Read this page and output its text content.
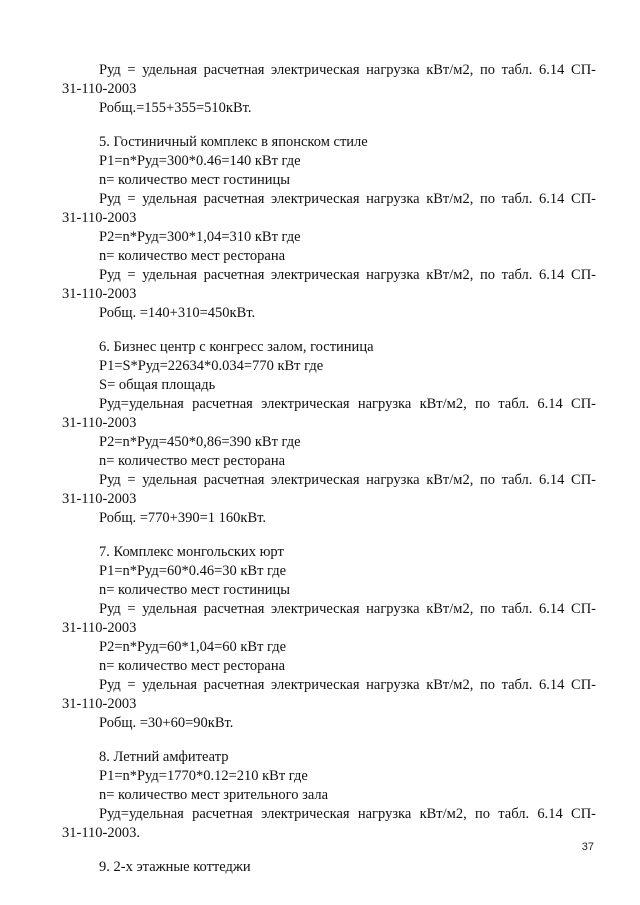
Руд = удельная расчетная электрическая нагрузка кВт/м2, по табл. 6.14 СП-
31-110-2003
Робщ.=155+355=510кВт.
5. Гостиничный комплекс в японском стиле
Р1=n*Руд=300*0.46=140 кВт где
n= количество мест гостиницы
Руд = удельная расчетная электрическая нагрузка кВт/м2, по табл. 6.14 СП-
31-110-2003
Р2=n*Руд=300*1,04=310 кВт где
n= количество мест ресторана
Руд = удельная расчетная электрическая нагрузка кВт/м2, по табл. 6.14 СП-
31-110-2003
Робщ. =140+310=450кВт.
6. Бизнес центр с конгресс залом, гостиница
Р1=S*Руд=22634*0.034=770 кВт где
S= общая площадь
Руд=удельная расчетная электрическая нагрузка кВт/м2, по табл. 6.14 СП-
31-110-2003
Р2=n*Руд=450*0,86=390 кВт где
n= количество мест ресторана
Руд = удельная расчетная электрическая нагрузка кВт/м2, по табл. 6.14 СП-
31-110-2003
Робщ. =770+390=1 160кВт.
7. Комплекс монгольских юрт
Р1=n*Руд=60*0.46=30 кВт где
n= количество мест гостиницы
Руд = удельная расчетная электрическая нагрузка кВт/м2, по табл. 6.14 СП-
31-110-2003
Р2=n*Руд=60*1,04=60 кВт где
n= количество мест ресторана
Руд = удельная расчетная электрическая нагрузка кВт/м2, по табл. 6.14 СП-
31-110-2003
Робщ. =30+60=90кВт.
8. Летний амфитеатр
Р1=n*Руд=1770*0.12=210 кВт где
n= количество мест зрительного зала
Руд=удельная расчетная электрическая нагрузка кВт/м2, по табл. 6.14 СП-
31-110-2003.
9. 2-х этажные коттеджи
37
